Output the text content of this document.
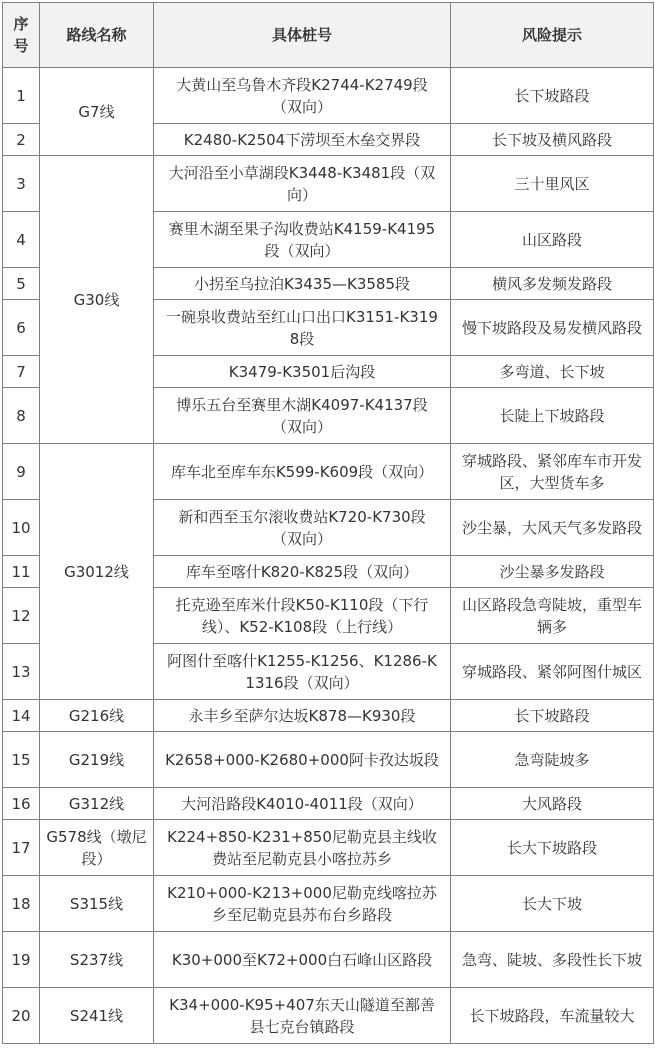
序号	路线名称	具体桩号	风险提示
1	G7线	大黄山至乌鲁木齐段K2744-K2749段（双向）	长下坡路段
2		K2480-K2504下涝坝至木垒交界段	长下坡及横风路段
3	G30线	大河沿至小草湖段K3448-K3481段（双向）	三十里风区
4		赛里木湖至果子沟收费站K4159-K4195段（双向）	山区路段
5		小拐至乌拉泊K3435—K3585段	横风多发频发路段
6		一碗泉收费站至红山口出口K3151-K3198段	慢下坡路段及易发横风路段
7		K3479-K3501后沟段	多弯道、长下坡
8		博乐五台至赛里木湖K4097-K4137段（双向）	长陡上下坡路段
9	G3012线	库车北至库车东K599-K609段（双向）	穿城路段、紧邻库车市开发区，大型货车多
10		新和西至玉尔滚收费站K720-K730段（双向）	沙尘暴，大风天气多发路段
11		库车至喀什K820-K825段（双向）	沙尘暴多发路段
12		托克逊至库米什段K50-K110段（下行线）、K52-K108段（上行线）	山区路段急弯陡坡，重型车辆多
13		阿图什至喀什K1255-K1256、K1286-K1316段（双向）	穿城路段、紧邻阿图什城区
14	G216线	永丰乡至萨尔达坂K878—K930段	长下坡路段
15	G219线	K2658+000-K2680+000阿卡孜达坂段	急弯陡坡多
16	G312线	大河沿路段K4010-4011段（双向）	大风路段
17	G578线（墩尼段）	K224+850-K231+850尼勒克县主线收费站至尼勒克县小喀拉苏乡	长大下坡路段
18	S315线	K210+000-K213+000尼勒克线喀拉苏乡至尼勒克县苏布台乡路段	长大下坡
19	S237线	K30+000至K72+000白石峰山区路段	急弯、陡坡、多段性长下坡
20	S241线	K34+000-K95+407东天山隧道至鄯善县七克台镇路段	长下坡路段，车流量较大
